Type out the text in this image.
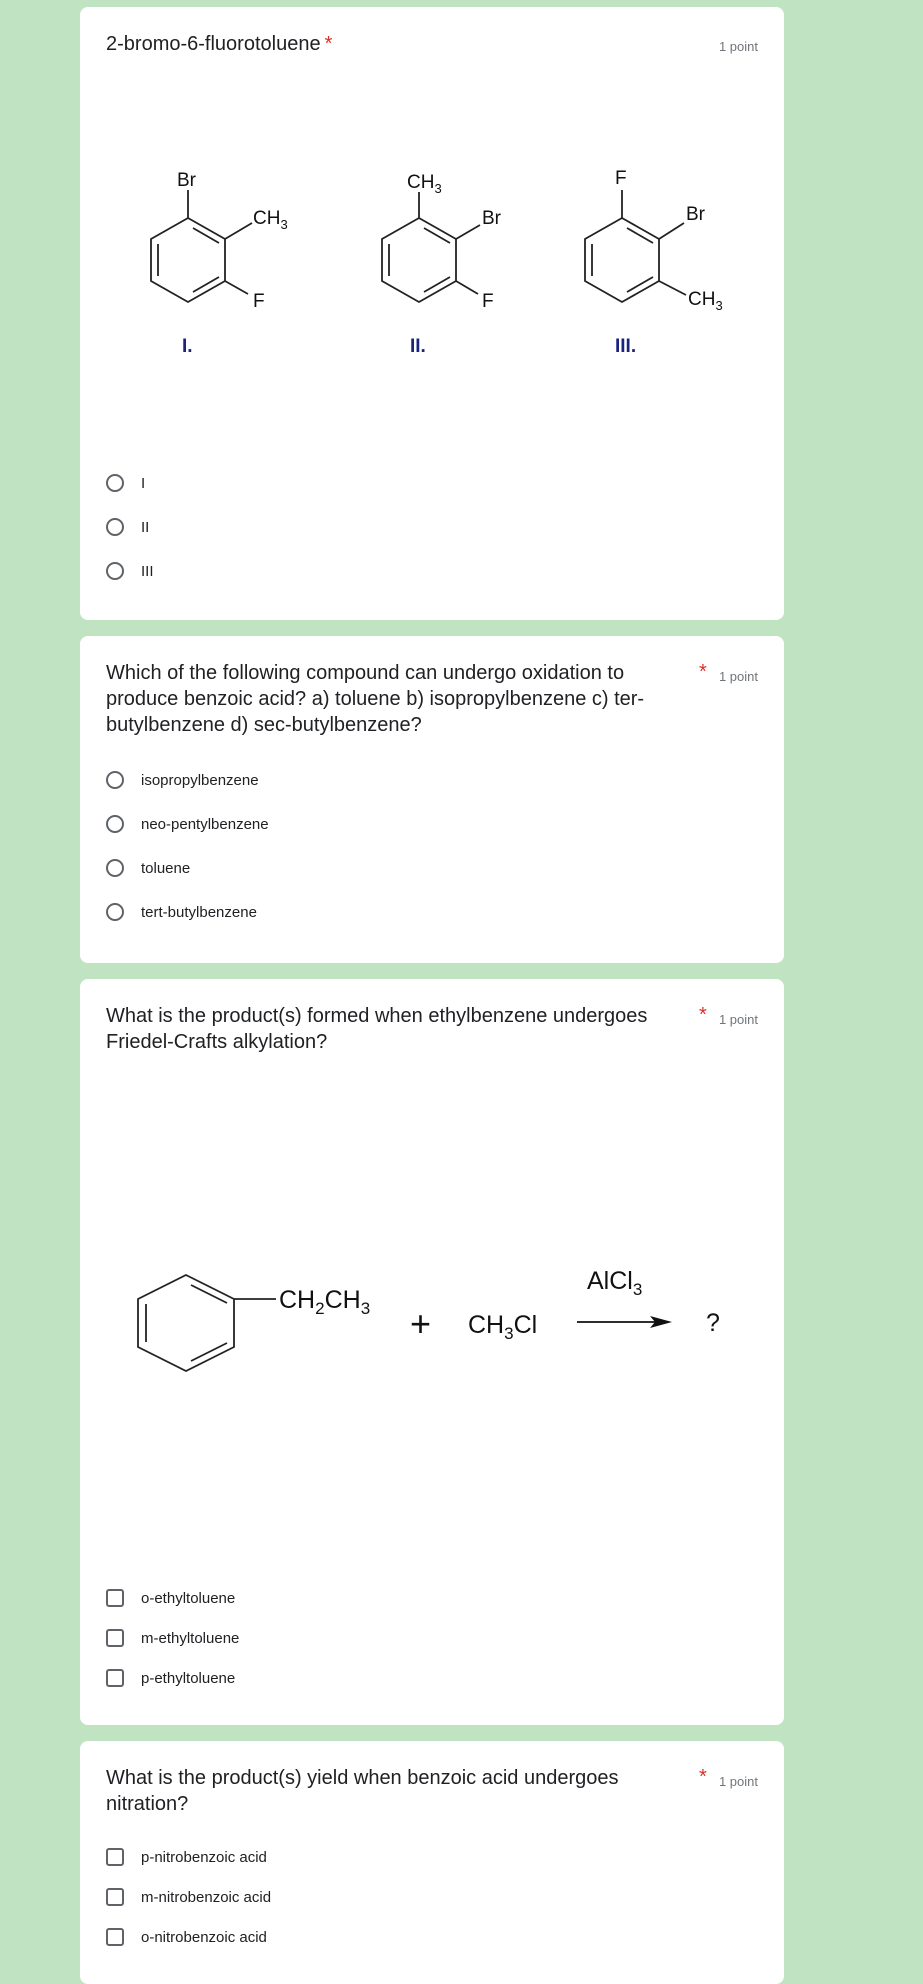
2-bromo-6-fluorotoluene *	1 point
Br
$CH_3$
F
$CH_3$
Br
F
F
Br
$CH_3$
I.	II.	III.
I
II
III
Which of the following compound can undergo oxidation to
produce benzoic acid? a) toluene b) isopropylbenzene c) ter-
butylbenzene d) sec-butylbenzene?
* 1 point
isopropylbenzene
neo-pentylbenzene
toluene
tert-butylbenzene
What is the product(s) formed when ethylbenzene undergoes
Friedel-Crafts alkylation?
* 1 point
$CH_2CH_3 + CH_3Cl$
AlCl$_3$
?
o-ethyltoluene
m-ethyltoluene
p-ethyltoluene
What is the product(s) yield when benzoic acid undergoes
nitration?
* 1 point
p-nitrobenzoic acid
m-nitrobenzoic acid
o-nitrobenzoic acid
